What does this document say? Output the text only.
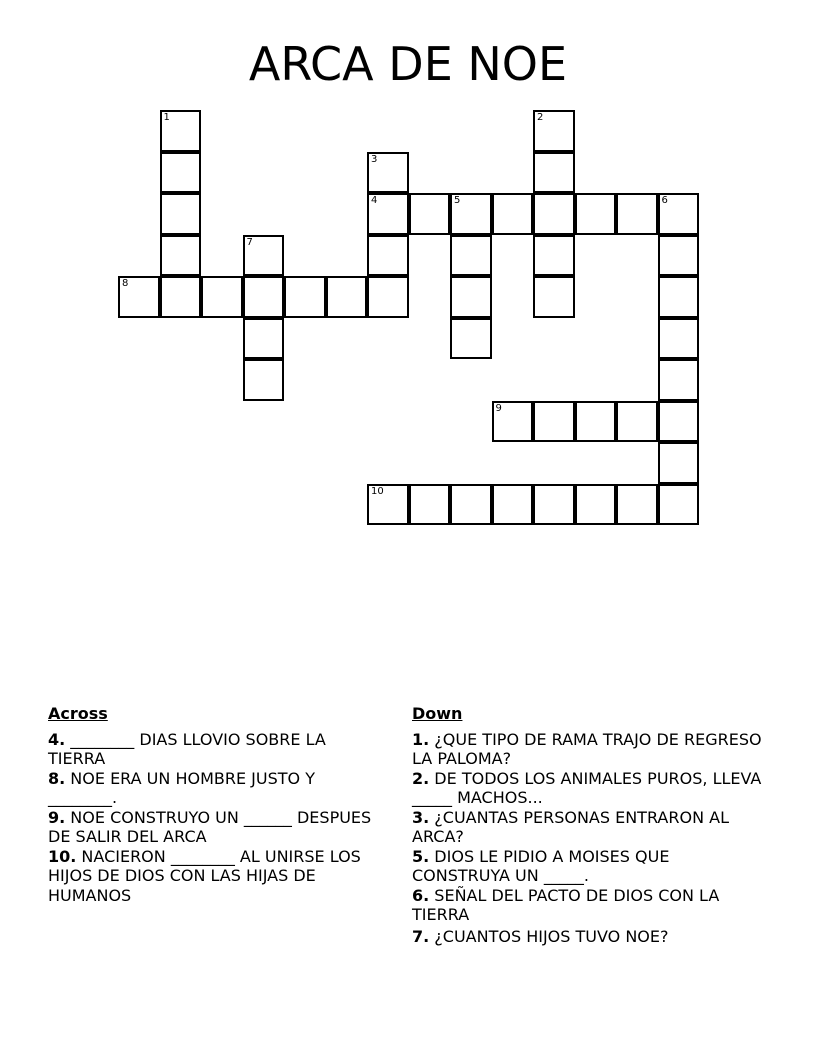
ARCA DE NOE
1	2
3
4	5	6
7
8
9
10
Across
4. ________ DIAS LLOVIO SOBRE LA TIERRA
8. NOE ERA UN HOMBRE JUSTO Y ________.
9. NOE CONSTRUYO UN ______ DESPUES DE SALIR DEL ARCA
10. NACIERON ________ AL UNIRSE LOS HIJOS DE DIOS CON LAS HIJAS DE HUMANOS
Down
1. ¿QUE TIPO DE RAMA TRAJO DE REGRESO LA PALOMA?
2. DE TODOS LOS ANIMALES PUROS, LLEVA _____ MACHOS...
3. ¿CUANTAS PERSONAS ENTRARON AL ARCA?
5. DIOS LE PIDIO A MOISES QUE CONSTRUYA UN _____.
6. SEÑAL DEL PACTO DE DIOS CON LA TIERRA
7. ¿CUANTOS HIJOS TUVO NOE?
